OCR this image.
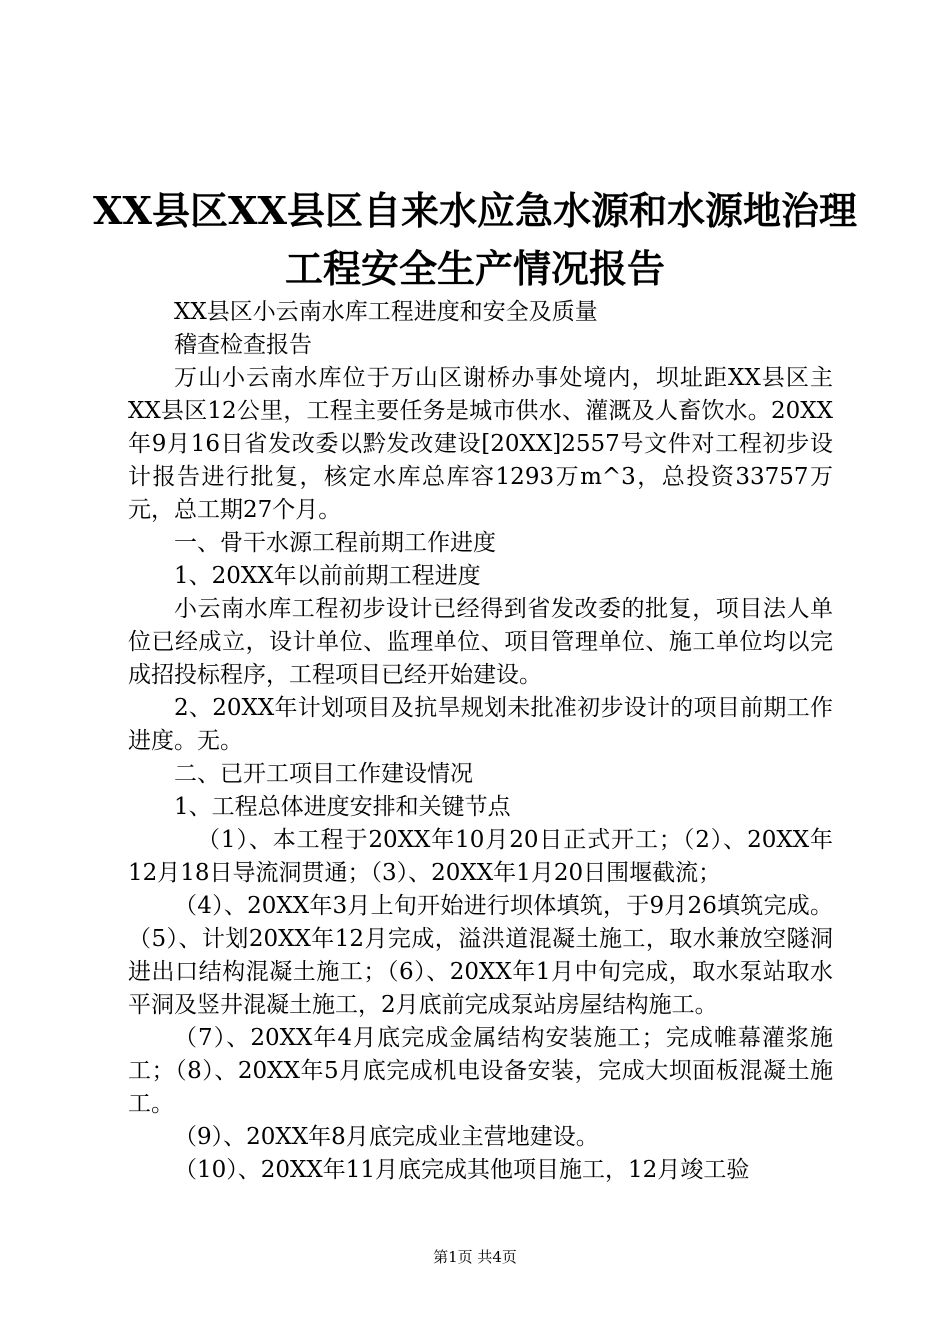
XX县区XX县区自来水应急水源和水源地治理
工程安全生产情况报告

XX县区小云南水库工程进度和安全及质量

稽查检查报告

万山小云南水库位于万山区谢桥办事处境内，坝址距XX县区主XX县区12公里，工程主要任务是城市供水、灌溉及人畜饮水。20XX年9月16日省发改委以黔发改建设[20XX]2557号文件对工程初步设计报告进行批复，核定水库总库容1293万m^3，总投资33757万元，总工期27个月。

一、骨干水源工程前期工作进度

1、20XX年以前前期工程进度

小云南水库工程初步设计已经得到省发改委的批复，项目法人单位已经成立，设计单位、监理单位、项目管理单位、施工单位均以完成招投标程序，工程项目已经开始建设。

2、20XX年计划项目及抗旱规划未批准初步设计的项目前期工作进度。无。

二、已开工项目工作建设情况

1、工程总体进度安排和关键节点

（1）、本工程于20XX年10月20日正式开工；（2）、20XX年12月18日导流洞贯通；（3）、20XX年1月20日围堰截流；

（4）、20XX年3月上旬开始进行坝体填筑，于9月26填筑完成。（5）、计划20XX年12月完成，溢洪道混凝土施工，取水兼放空隧洞进出口结构混凝土施工；（6）、20XX年1月中旬完成，取水泵站取水平洞及竖井混凝土施工，2月底前完成泵站房屋结构施工。

（7）、20XX年4月底完成金属结构安装施工；完成帷幕灌浆施工；（8）、20XX年5月底完成机电设备安装，完成大坝面板混凝土施工。

（9）、20XX年8月底完成业主营地建设。

（10）、20XX年11月底完成其他项目施工，12月竣工验

第1页 共4页
